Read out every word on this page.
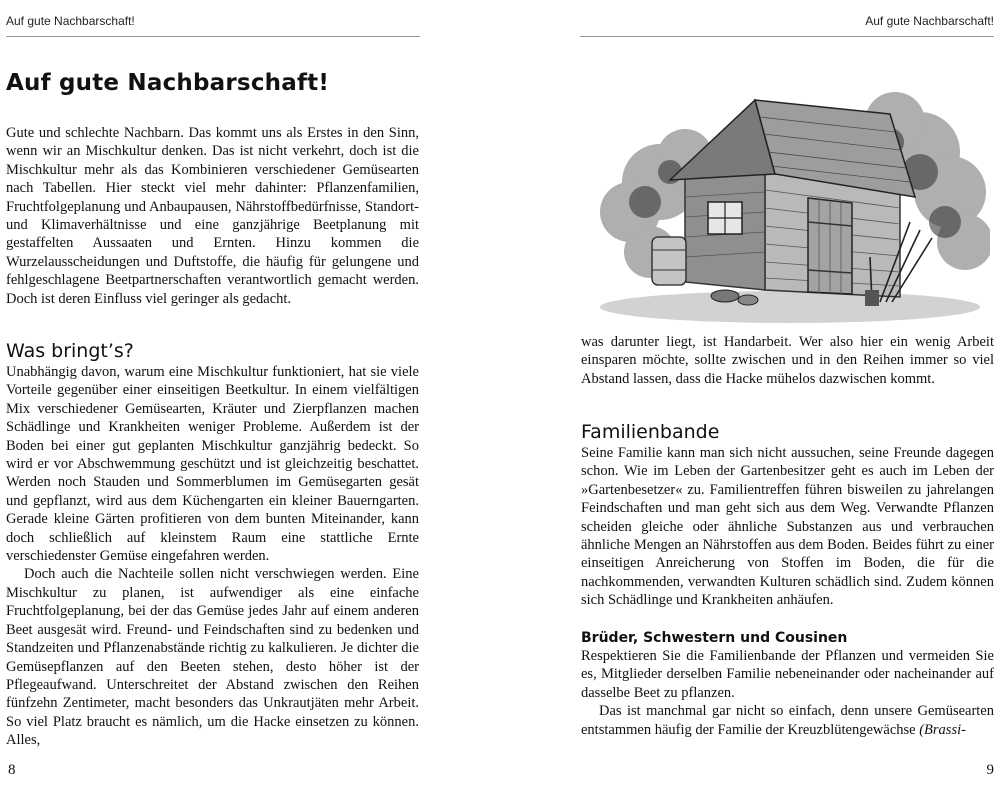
Auf gute Nachbarschaft!
Auf gute Nachbarschaft!

Gute und schlechte Nachbarn. Das kommt uns als Erstes in den Sinn, wenn wir an Mischkultur denken. Das ist nicht verkehrt, doch ist die Mischkultur mehr als das Kombinieren verschiedener Gemüsearten nach Tabellen. Hier steckt viel mehr dahinter: Pflanzenfamilien, Fruchtfolgeplanung und Anbaupausen, Nährstoffbedürfnisse, Standort- und Klimaverhältnisse und eine ganzjährige Beetplanung mit gestaffelten Aussaaten und Ernten. Hinzu kommen die Wurzelausscheidungen und Duftstoffe, die häufig für gelungene und fehlgeschlagene Beetpartnerschaften verantwortlich gemacht werden. Doch ist deren Einfluss viel geringer als gedacht.

Was bringt’s?

Unabhängig davon, warum eine Mischkultur funktioniert, hat sie viele Vorteile gegenüber einer einseitigen Beetkultur. In einem vielfältigen Mix verschiedener Gemüsearten, Kräuter und Zierpflanzen machen Schädlinge und Krankheiten weniger Probleme. Außerdem ist der Boden bei einer gut geplanten Mischkultur ganzjährig bedeckt. So wird er vor Abschwemmung geschützt und ist gleichzeitig beschattet. Werden noch Stauden und Sommerblumen im Gemüsegarten gesät und gepflanzt, wird aus dem Küchengarten ein kleiner Bauerngarten. Gerade kleine Gärten profitieren von dem bunten Miteinander, kann doch schließlich auf kleinstem Raum eine stattliche Ernte verschiedenster Gemüse eingefahren werden.

Doch auch die Nachteile sollen nicht verschwiegen werden. Eine Mischkultur zu planen, ist aufwendiger als eine einfache Fruchtfolgeplanung, bei der das Gemüse jedes Jahr auf einem anderen Beet ausgesät wird. Freund- und Feindschaften sind zu bedenken und Standzeiten und Pflanzenabstände richtig zu kalkulieren. Je dichter die Gemüsepflanzen auf den Beeten stehen, desto höher ist der Pflegeaufwand. Unterschreitet der Abstand zwischen den Reihen fünfzehn Zentimeter, macht besonders das Unkrautjäten mehr Arbeit. So viel Platz braucht es nämlich, um die Hacke einsetzen zu können. Alles,

8
Auf gute Nachbarschaft!

was darunter liegt, ist Handarbeit. Wer also hier ein wenig Arbeit einsparen möchte, sollte zwischen und in den Reihen immer so viel Abstand lassen, dass die Hacke mühelos dazwischen kommt.

Familienbande

Seine Familie kann man sich nicht aussuchen, seine Freunde dagegen schon. Wie im Leben der Gartenbesitzer geht es auch im Leben der »Gartenbesetzer« zu. Familientreffen führen bisweilen zu jahrelangen Feindschaften und man geht sich aus dem Weg. Verwandte Pflanzen scheiden gleiche oder ähnliche Substanzen aus und verbrauchen ähnliche Mengen an Nährstoffen aus dem Boden. Beides führt zu einer einseitigen Anreicherung von Stoffen im Boden, die für die nachkommenden, verwandten Kulturen schädlich sind. Zudem können sich Schädlinge und Krankheiten anhäufen.

Brüder, Schwestern und Cousinen

Respektieren Sie die Familienbande der Pflanzen und vermeiden Sie es, Mitglieder derselben Familie nebeneinander oder nacheinander auf dasselbe Beet zu pflanzen.

Das ist manchmal gar nicht so einfach, denn unsere Gemüsearten entstammen häufig der Familie der Kreuzblütengewächse (Brassi-

9
